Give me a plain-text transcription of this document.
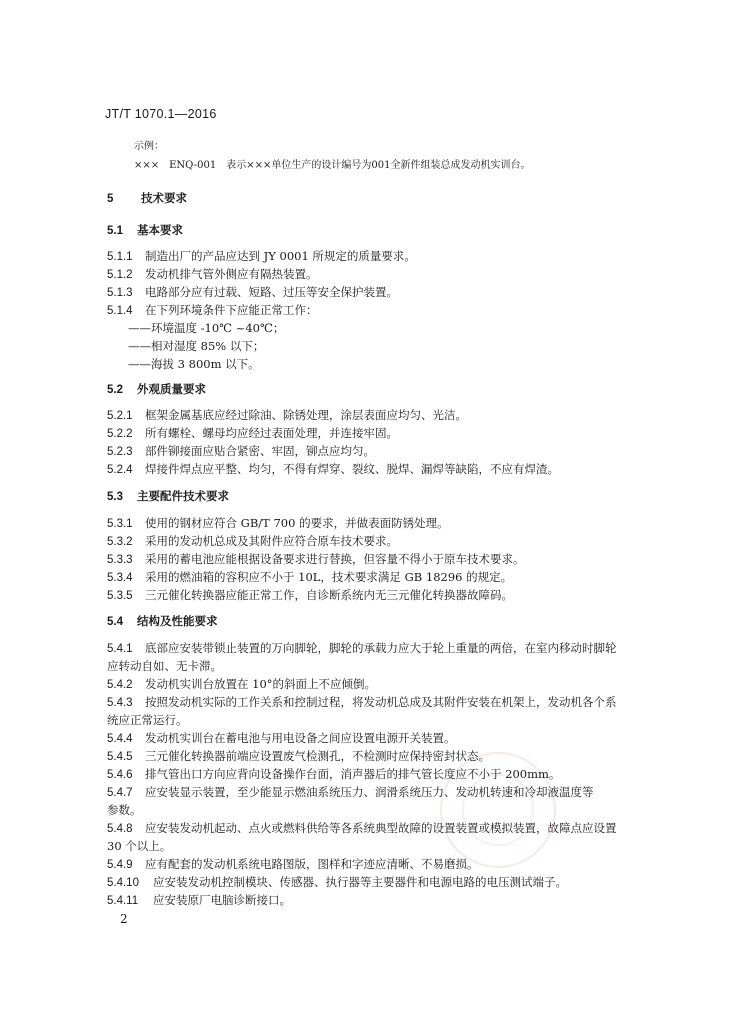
JT/T 1070.1—2016
示例：
×××　ENQ-001　表示×××单位生产的设计编号为001全新件组装总成发动机实训台。
5 技术要求
5.1 基本要求
5.1.1 制造出厂的产品应达到 JY 0001 所规定的质量要求。
5.1.2 发动机排气管外侧应有隔热装置。
5.1.3 电路部分应有过载、短路、过压等安全保护装置。
5.1.4 在下列环境条件下应能正常工作：
——环境温度 -10℃ ~40℃；
——相对湿度 85% 以下；
——海拔 3 800m 以下。
5.2 外观质量要求
5.2.1 框架金属基底应经过除油、除锈处理，涂层表面应均匀、光洁。
5.2.2 所有螺栓、螺母均应经过表面处理，并连接牢固。
5.2.3 部件铆接面应贴合紧密、牢固，铆点应均匀。
5.2.4 焊接件焊点应平整、均匀，不得有焊穿、裂纹、脱焊、漏焊等缺陷，不应有焊渣。
5.3 主要配件技术要求
5.3.1 使用的钢材应符合 GB/T 700 的要求，并做表面防锈处理。
5.3.2 采用的发动机总成及其附件应符合原车技术要求。
5.3.3 采用的蓄电池应能根据设备要求进行替换，但容量不得小于原车技术要求。
5.3.4 采用的燃油箱的容积应不小于 10L，技术要求满足 GB 18296 的规定。
5.3.5 三元催化转换器应能正常工作，自诊断系统内无三元催化转换器故障码。
5.4 结构及性能要求
5.4.1 底部应安装带锁止装置的万向脚轮，脚轮的承载力应大于轮上重量的两倍，在室内移动时脚轮
应转动自如、无卡滞。
5.4.2 发动机实训台放置在 10°的斜面上不应倾倒。
5.4.3 按照发动机实际的工作关系和控制过程，将发动机总成及其附件安装在机架上，发动机各个系
统应正常运行。
5.4.4 发动机实训台在蓄电池与用电设备之间应设置电源开关装置。
5.4.5 三元催化转换器前端应设置废气检测孔，不检测时应保持密封状态。
5.4.6 排气管出口方向应背向设备操作台面，消声器后的排气管长度应不小于 200mm。
5.4.7 应安装显示装置，至少能显示燃油系统压力、润滑系统压力、发动机转速和冷却液温度等
参数。
5.4.8 应安装发动机起动、点火或燃料供给等各系统典型故障的设置装置或模拟装置，故障点应设置
30 个以上。
5.4.9 应有配套的发动机系统电路图版，图样和字迹应清晰、不易磨损。
5.4.10 应安装发动机控制模块、传感器、执行器等主要器件和电源电路的电压测试端子。
5.4.11 应安装原厂电脑诊断接口。
2
